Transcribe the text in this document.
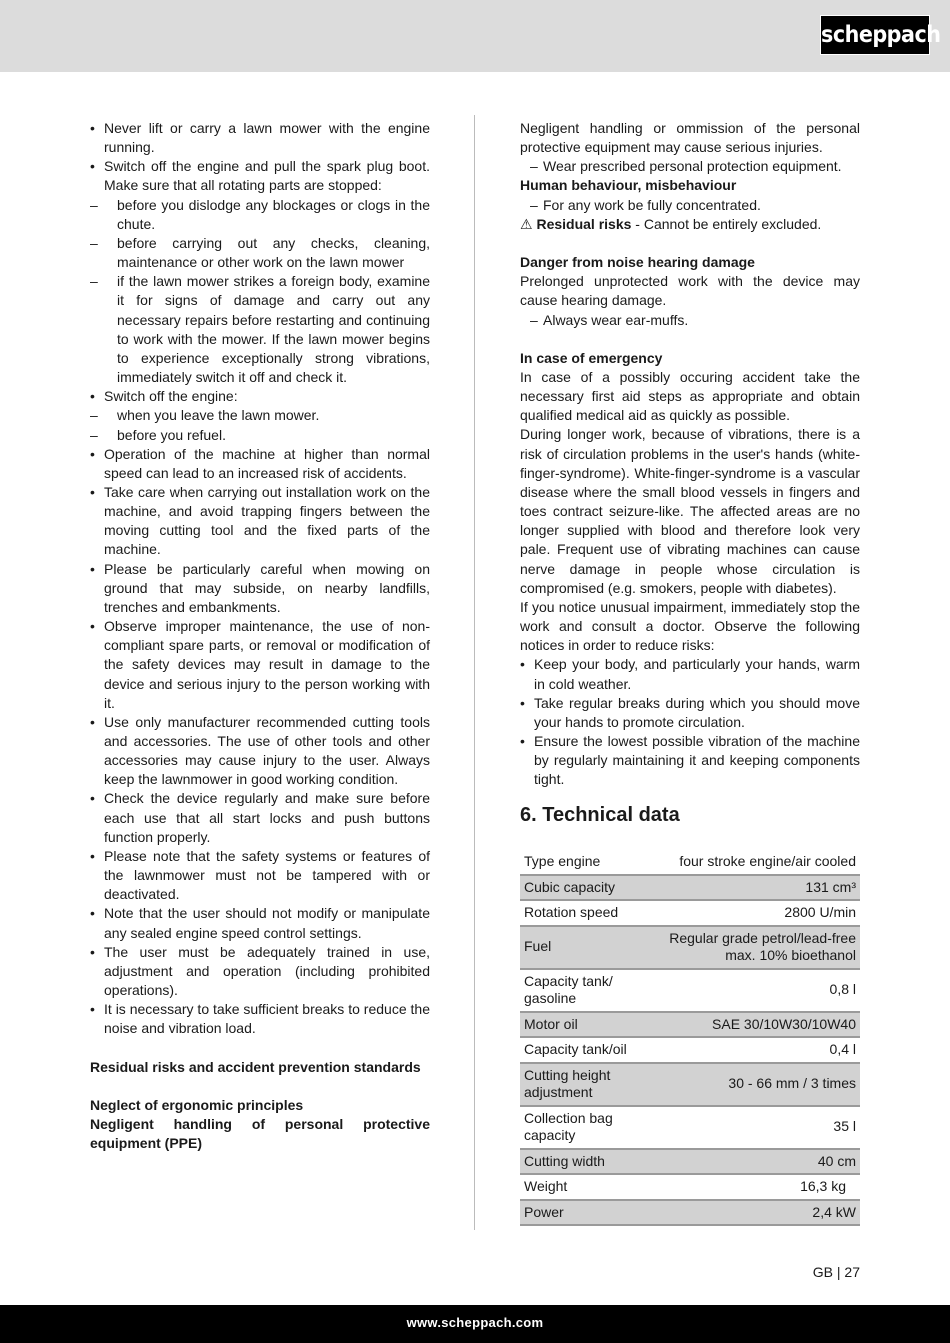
scheppach
• Never lift or carry a lawn mower with the engine running.
• Switch off the engine and pull the spark plug boot. Make sure that all rotating parts are stopped:
– before you dislodge any blockages or clogs in the chute.
– before carrying out any checks, cleaning, maintenance or other work on the lawn mower
– if the lawn mower strikes a foreign body, examine it for signs of damage and carry out any necessary repairs before restarting and continuing to work with the mower. If the lawn mower begins to experience exceptionally strong vibrations, immediately switch it off and check it.
• Switch off the engine:
– when you leave the lawn mower.
– before you refuel.
• Operation of the machine at higher than normal speed can lead to an increased risk of accidents.
• Take care when carrying out installation work on the machine, and avoid trapping fingers between the moving cutting tool and the fixed parts of the machine.
• Please be particularly careful when mowing on ground that may subside, on nearby landfills, trenches and embankments.
• Observe improper maintenance, the use of non-compliant spare parts, or removal or modification of the safety devices may result in damage to the device and serious injury to the person working with it.
• Use only manufacturer recommended cutting tools and accessories. The use of other tools and other accessories may cause injury to the user. Always keep the lawnmower in good working condition.
• Check the device regularly and make sure before each use that all start locks and push buttons function properly.
• Please note that the safety systems or features of the lawnmower must not be tampered with or deactivated.
• Note that the user should not modify or manipulate any sealed engine speed control settings.
• The user must be adequately trained in use, adjustment and operation (including prohibited operations).
• It is necessary to take sufficient breaks to reduce the noise and vibration load.
Residual risks and accident prevention standards
Neglect of ergonomic principles
Negligent handling of personal protective equipment (PPE)
Negligent handling or ommission of the personal protective equipment may cause serious injuries.
– Wear prescribed personal protection equipment.
Human behaviour, misbehaviour
– For any work be fully concentrated.
⚠ Residual risks - Cannot be entirely excluded.
Danger from noise hearing damage
Prelonged unprotected work with the device may cause hearing damage.
– Always wear ear-muffs.
In case of emergency
In case of a possibly occuring accident take the necessary first aid steps as appropriate and obtain qualified medical aid as quickly as possible.
During longer work, because of vibrations, there is a risk of circulation problems in the user's hands (white-finger-syndrome). White-finger-syndrome is a vascular disease where the small blood vessels in fingers and toes contract seizure-like. The affected areas are no longer supplied with blood and therefore look very pale. Frequent use of vibrating machines can cause nerve damage in people whose circulation is compromised (e.g. smokers, people with diabetes).
If you notice unusual impairment, immediately stop the work and consult a doctor. Observe the following notices in order to reduce risks:
• Keep your body, and particularly your hands, warm in cold weather.
• Take regular breaks during which you should move your hands to promote circulation.
• Ensure the lowest possible vibration of the machine by regularly maintaining it and keeping components tight.
6. Technical data
Type engine	four stroke engine/air cooled
Cubic capacity	131 cm³
Rotation speed	2800 U/min
Fuel	Regular grade petrol/lead-free max. 10% bioethanol
Capacity tank/ gasoline	0,8 l
Motor oil	SAE 30/10W30/10W40
Capacity tank/oil	0,4 l
Cutting height adjustment	30 - 66 mm / 3 times
Collection bag capacity	35 l
Cutting width	40 cm
Weight	16,3 kg
Power	2,4 kW
GB | 27
www.scheppach.com
